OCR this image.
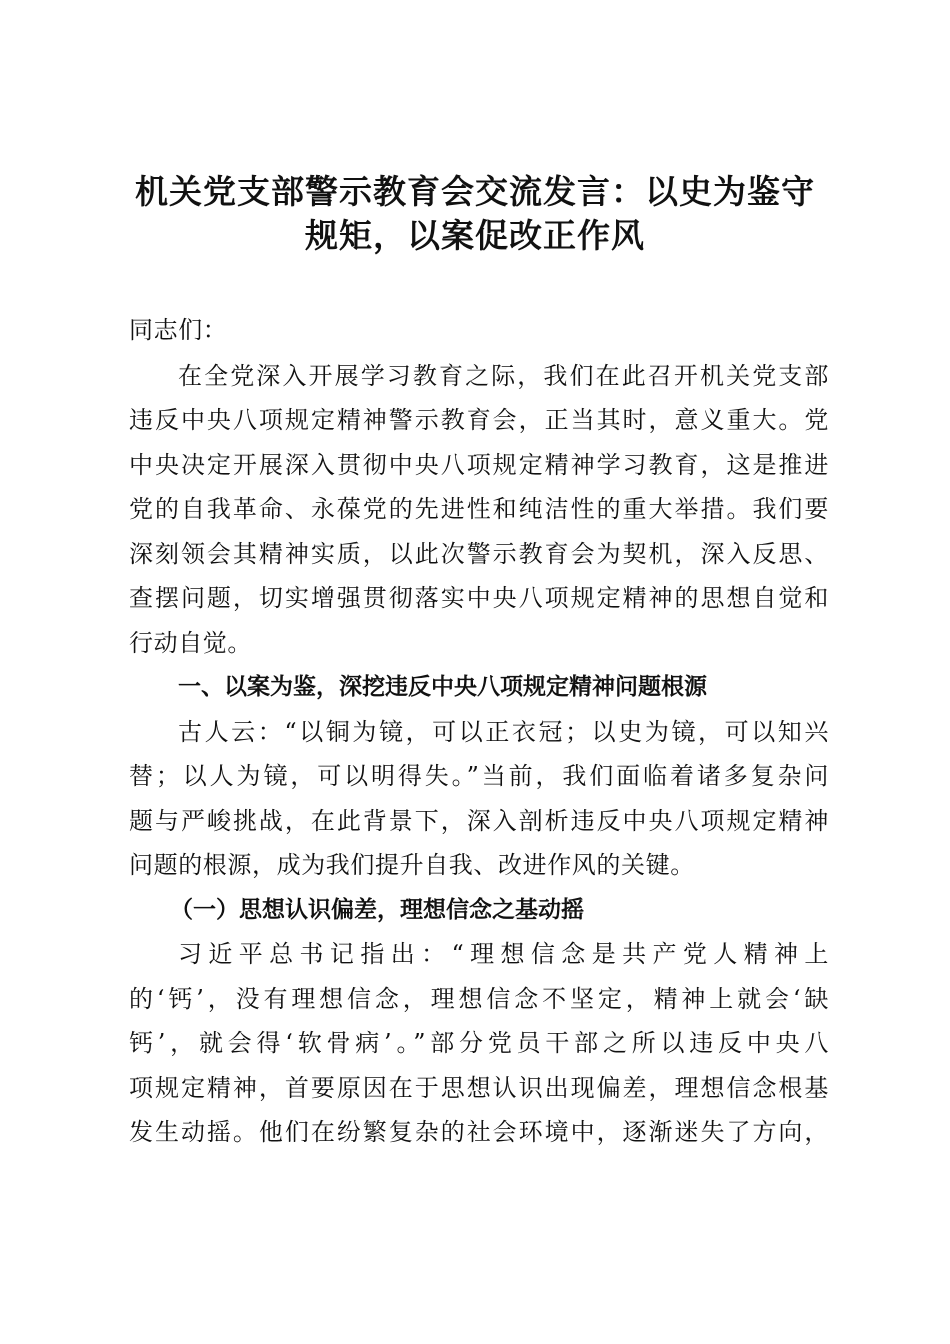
机关党支部警示教育会交流发言：以史为鉴守
规矩，以案促改正作风

同志们：

在全党深入开展学习教育之际，我们在此召开机关党支部

违反中央八项规定精神警示教育会，正当其时，意义重大。党

中央决定开展深入贯彻中央八项规定精神学习教育，这是推进

党的自我革命、永葆党的先进性和纯洁性的重大举措。我们要

深刻领会其精神实质，以此次警示教育会为契机，深入反思、

查摆问题，切实增强贯彻落实中央八项规定精神的思想自觉和

行动自觉。

一、以案为鉴，深挖违反中央八项规定精神问题根源

古人云：“以铜为镜，可以正衣冠；以史为镜，可以知兴

替；以人为镜，可以明得失。”当前，我们面临着诸多复杂问

题与严峻挑战，在此背景下，深入剖析违反中央八项规定精神

问题的根源，成为我们提升自我、改进作风的关键。

（一）思想认识偏差，理想信念之基动摇

习近平总书记指出：“理想信念是共产党人精神上

的‘钙’，没有理想信念，理想信念不坚定，精神上就会‘缺

钙’，就会得‘软骨病’。”部分党员干部之所以违反中央八

项规定精神，首要原因在于思想认识出现偏差，理想信念根基

发生动摇。他们在纷繁复杂的社会环境中，逐渐迷失了方向，
